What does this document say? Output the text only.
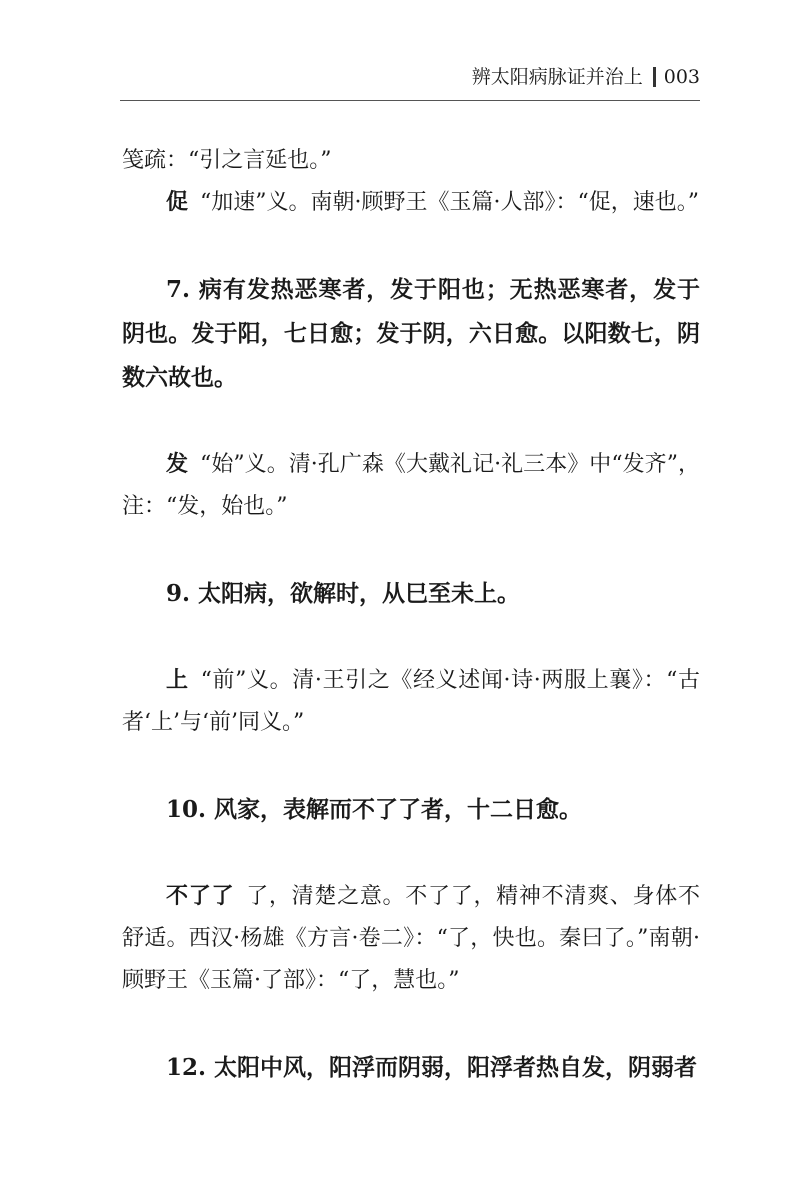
辨太阳病脉证并治上 003

笺疏：“引之言延也。”

促 “加速”义。南朝·顾野王《玉篇·人部》：“促，速也。”

7. 病有发热恶寒者，发于阳也；无热恶寒者，发于阴也。发于阳，七日愈；发于阴，六日愈。以阳数七，阴数六故也。

发 “始”义。清·孔广森《大戴礼记·礼三本》中“发齐”，注：“发，始也。”

9. 太阳病，欲解时，从巳至未上。

上 “前”义。清·王引之《经义述闻·诗·两服上襄》：“古者‘上’与‘前’同义。”

10. 风家，表解而不了了者，十二日愈。

不了了 了，清楚之意。不了了，精神不清爽、身体不舒适。西汉·杨雄《方言·卷二》：“了，快也。秦曰了。”南朝·顾野王《玉篇·了部》：“了，慧也。”

12. 太阳中风，阳浮而阴弱，阳浮者热自发，阴弱者
